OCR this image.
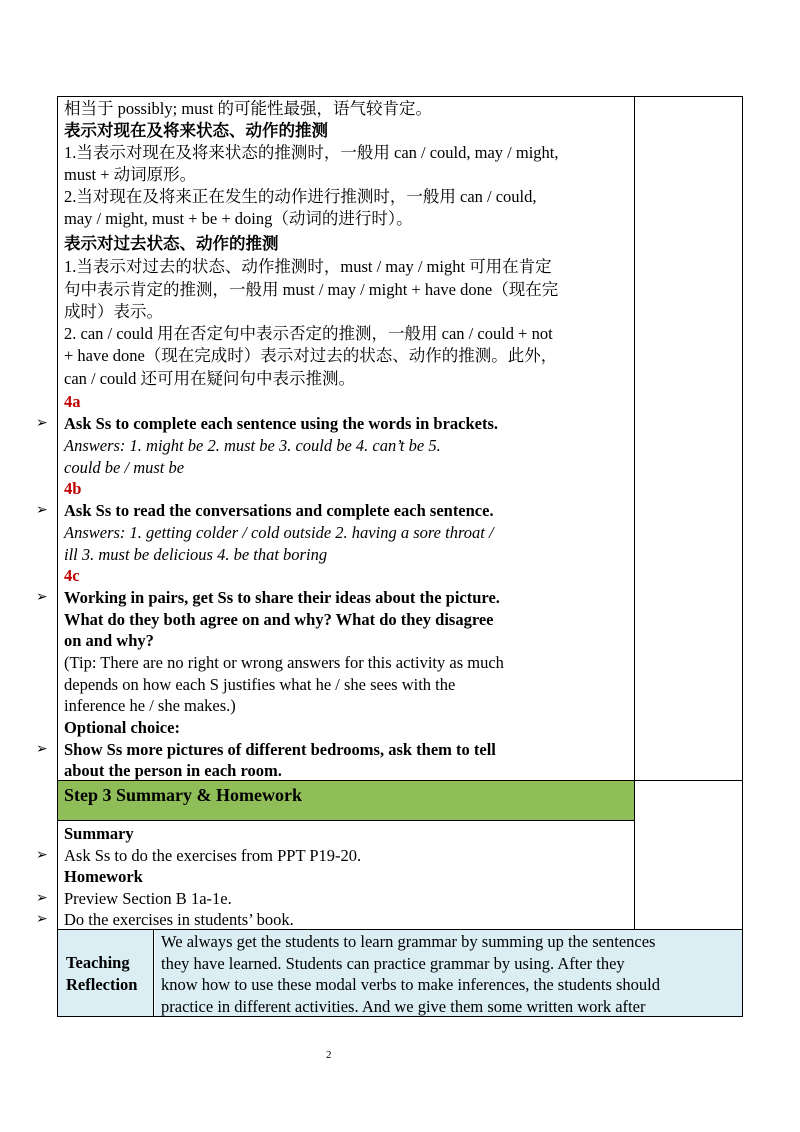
相当于 possibly; must 的可能性最强，语气较肯定。
表示对现在及将来状态、动作的推测
1.当表示对现在及将来状态的推测时，一般用 can / could, may / might,
must + 动词原形。
2.当对现在及将来正在发生的动作进行推测时，一般用 can / could,
may / might, must + be + doing（动词的进行时）。
表示对过去状态、动作的推测
1.当表示对过去的状态、动作推测时，must / may / might 可用在肯定
句中表示肯定的推测，一般用 must / may / might + have done（现在完
成时）表示。
2. can / could 用在否定句中表示否定的推测，一般用 can / could + not
+ have done（现在完成时）表示对过去的状态、动作的推测。此外，
can / could 还可用在疑问句中表示推测。
4a
➢ Ask Ss to complete each sentence using the words in brackets.
Answers: 1. might be 2. must be 3. could be 4. can’t be 5.
could be / must be
4b
➢ Ask Ss to read the conversations and complete each sentence.
Answers: 1. getting colder / cold outside 2. having a sore throat /
ill 3. must be delicious 4. be that boring
4c
➢ Working in pairs, get Ss to share their ideas about the picture.
What do they both agree on and why? What do they disagree
on and why?
(Tip: There are no right or wrong answers for this activity as much
depends on how each S justifies what he / she sees with the
inference he / she makes.)
Optional choice:
➢ Show Ss more pictures of different bedrooms, ask them to tell
about the person in each room.
Step 3 Summary & Homework
Summary
➢ Ask Ss to do the exercises from PPT P19-20.
Homework
➢ Preview Section B 1a-1e.
➢ Do the exercises in students’ book.
Teaching
Reflection
We always get the students to learn grammar by summing up the sentences
they have learned. Students can practice grammar by using. After they
know how to use these modal verbs to make inferences, the students should
practice in different activities. And we give them some written work after
2
